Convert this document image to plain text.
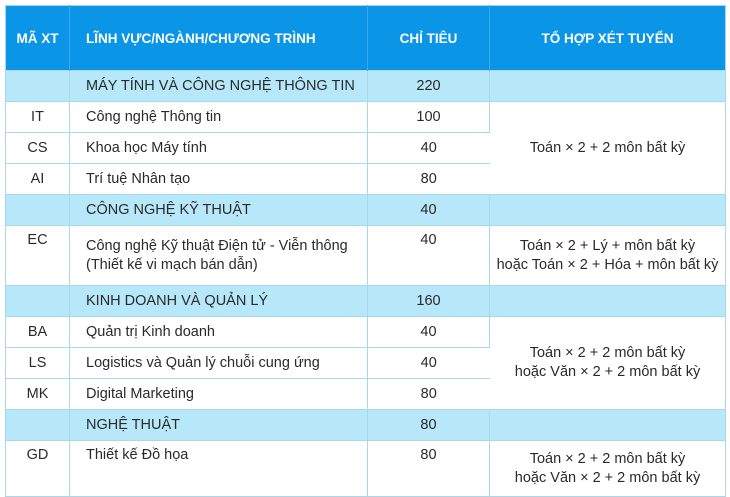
MÃ XT	LĨNH VỰC/NGÀNH/CHƯƠNG TRÌNH	CHỈ TIÊU	TỔ HỢP XÉT TUYỂN
	MÁY TÍNH VÀ CÔNG NGHỆ THÔNG TIN	220	
IT	Công nghệ Thông tin	100	Toán × 2 + 2 môn bất kỳ

CS	Khoa học Máy tính	40	
AI	Trí tuệ Nhân tạo	80	
	CÔNG NGHỆ KỸ THUẬT	40	
EC	Công nghệ Kỹ thuật Điện tử - Viễn thông
(Thiết kế vi mạch bán dẫn)	40	Toán × 2 + Lý + môn bất kỳ
hoặc Toán × 2 + Hóa + môn bất kỳ

	KINH DOANH VÀ QUẢN LÝ	160	
BA	Quản trị Kinh doanh	40	Toán × 2 + 2 môn bất kỳ
hoặc Văn × 2 + 2 môn bất kỳ

LS	Logistics và Quản lý chuỗi cung ứng	40	
MK	Digital Marketing	80	
	NGHỆ THUẬT	80	
GD	Thiết kế Đồ họa	80	Toán × 2 + 2 môn bất kỳ
hoặc Văn × 2 + 2 môn bất kỳ
